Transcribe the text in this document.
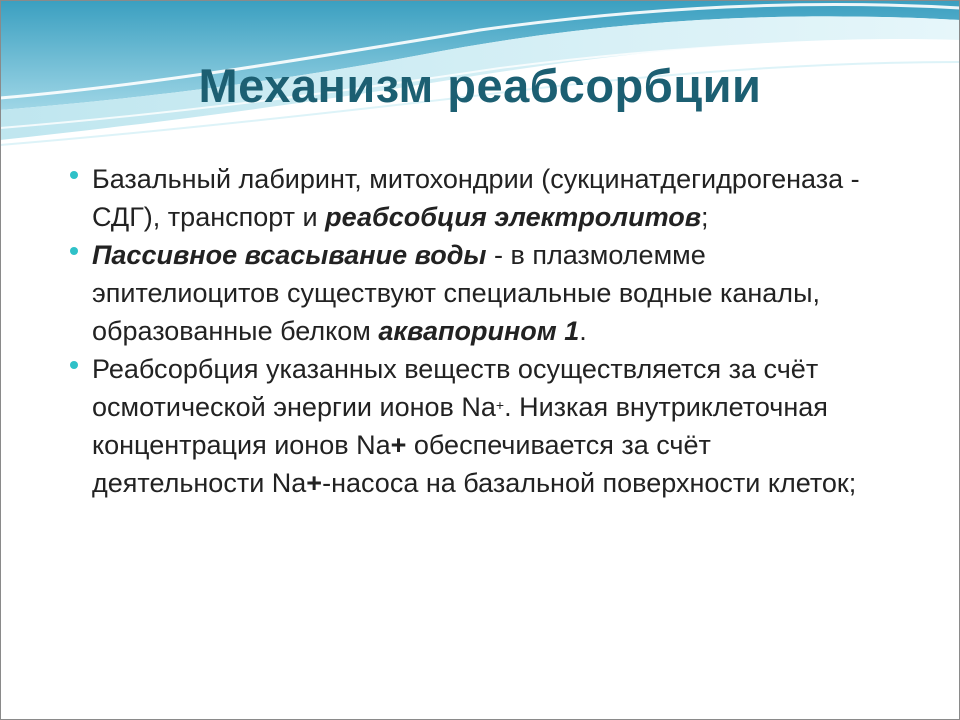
Механизм реабсорбции
Базальный лабиринт, митохондрии (сукцинатдегидрогеназа - СДГ), транспорт и реабсобция электролитов;
Пассивное всасывание воды - в плазмолемме эпителиоцитов существуют специальные водные каналы, образованные белком аквапорином 1.
Реабсорбция указанных веществ осуществляется за счёт осмотической энергии ионов Na+. Низкая внутриклеточная концентрация ионов Na+ обеспечивается за счёт деятельности Na+-насоса на базальной поверхности клеток;
